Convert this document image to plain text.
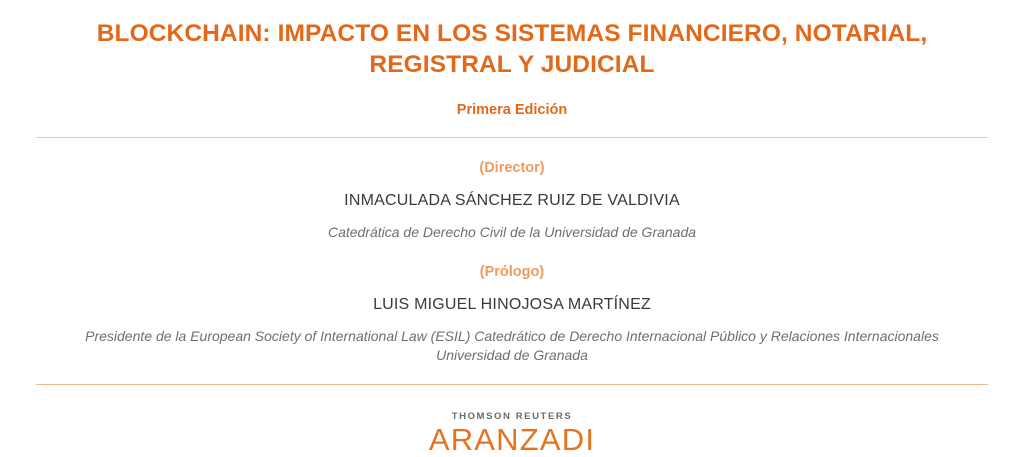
BLOCKCHAIN: IMPACTO EN LOS SISTEMAS FINANCIERO, NOTARIAL, REGISTRAL Y JUDICIAL
Primera Edición
(Director)
INMACULADA SÁNCHEZ RUIZ DE VALDIVIA
Catedrática de Derecho Civil de la Universidad de Granada
(Prólogo)
LUIS MIGUEL HINOJOSA MARTÍNEZ
Presidente de la European Society of International Law (ESIL) Catedrático de Derecho Internacional Público y Relaciones Internacionales Universidad de Granada
THOMSON REUTERS
ARANZADI
